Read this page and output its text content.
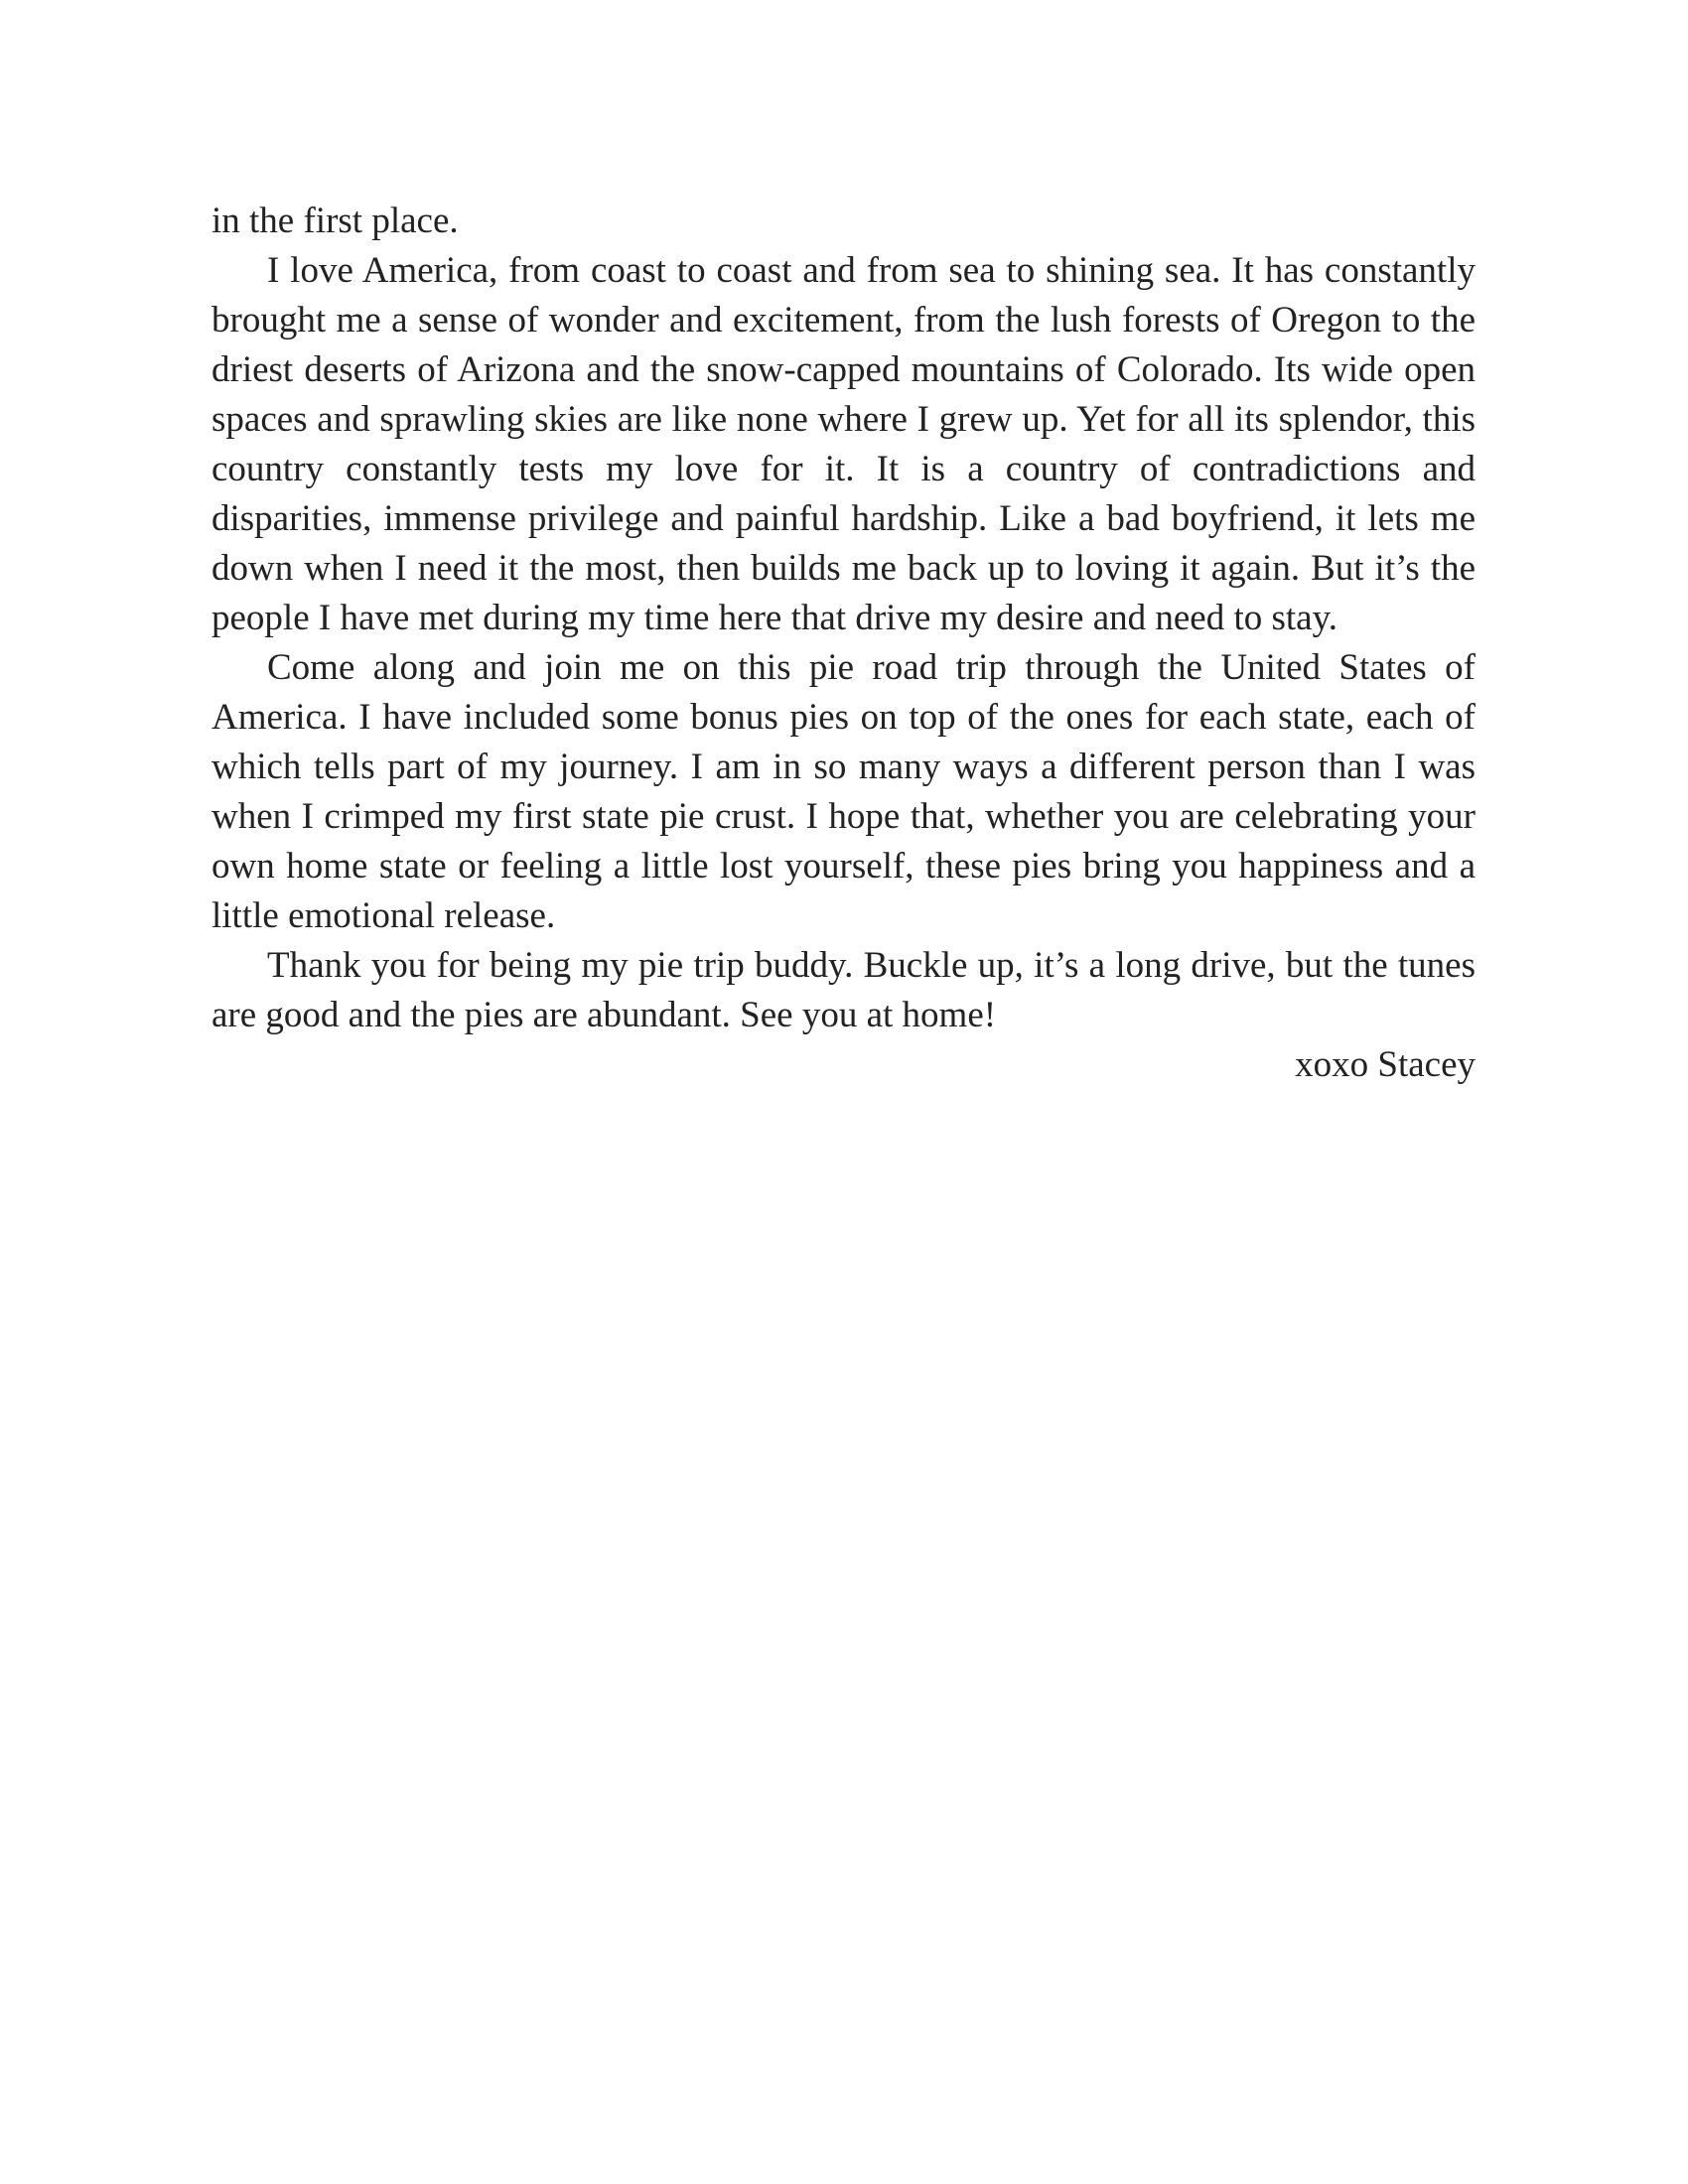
in the first place.

I love America, from coast to coast and from sea to shining sea. It has constantly brought me a sense of wonder and excitement, from the lush forests of Oregon to the driest deserts of Arizona and the snow-capped mountains of Colorado. Its wide open spaces and sprawling skies are like none where I grew up. Yet for all its splendor, this country constantly tests my love for it. It is a country of contradictions and disparities, immense privilege and painful hardship. Like a bad boyfriend, it lets me down when I need it the most, then builds me back up to loving it again. But it’s the people I have met during my time here that drive my desire and need to stay.

Come along and join me on this pie road trip through the United States of America. I have included some bonus pies on top of the ones for each state, each of which tells part of my journey. I am in so many ways a different person than I was when I crimped my first state pie crust. I hope that, whether you are celebrating your own home state or feeling a little lost yourself, these pies bring you happiness and a little emotional release.

Thank you for being my pie trip buddy. Buckle up, it’s a long drive, but the tunes are good and the pies are abundant. See you at home!

xoxo Stacey
